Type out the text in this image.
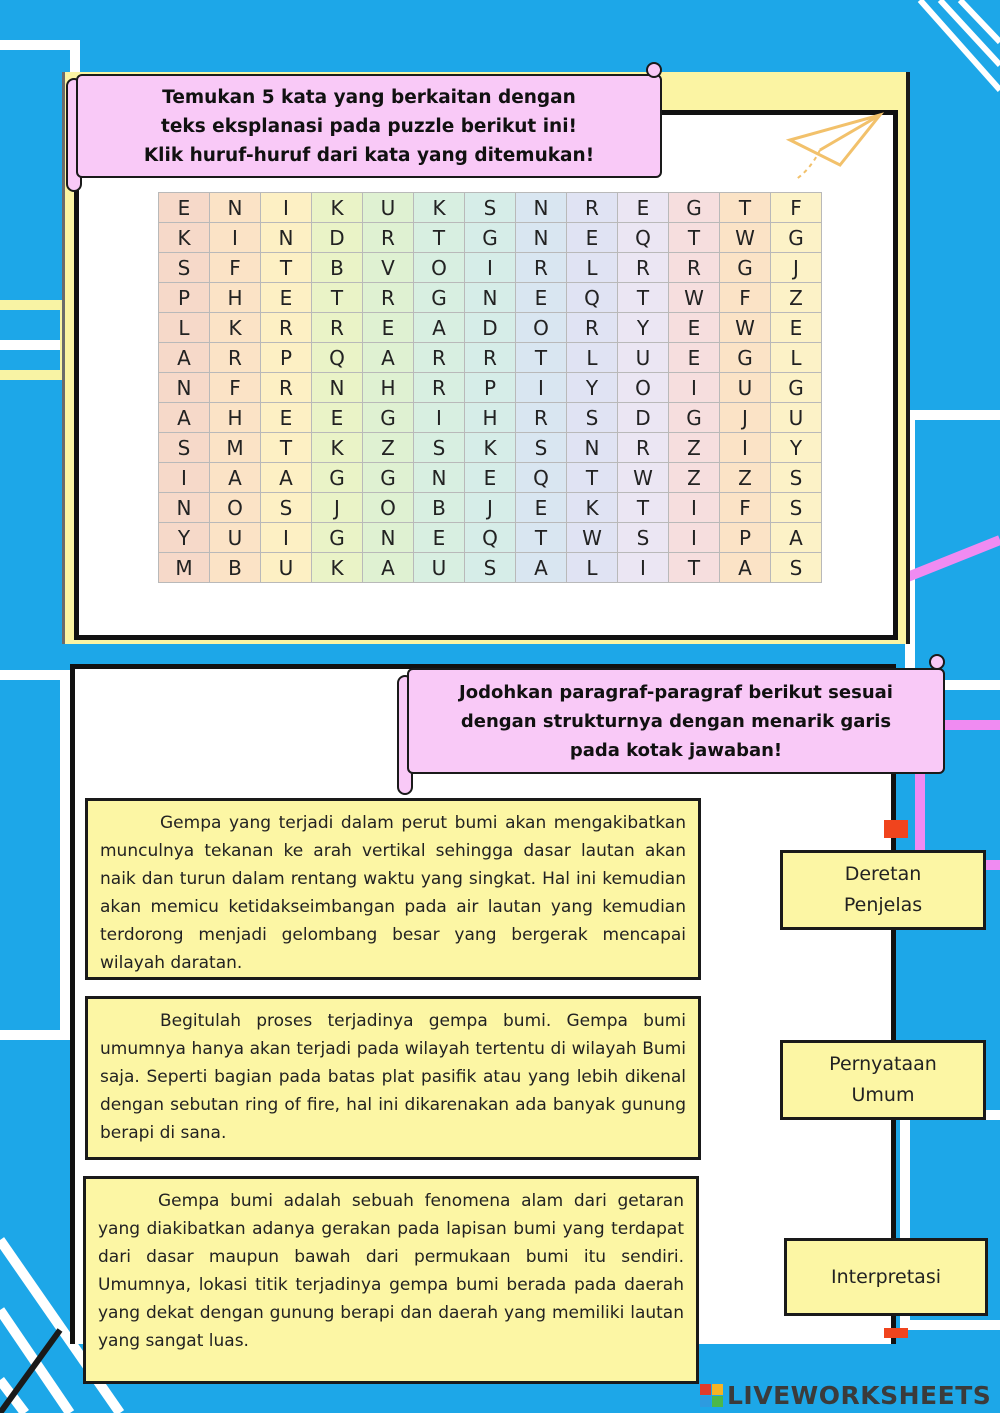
Temukan 5 kata yang berkaitan dengan
teks eksplanasi pada puzzle berikut ini!
Klik huruf-huruf dari kata yang ditemukan!
E	N	I	K	U	K	S	N	R	E	G	T	F
K	I	N	D	R	T	G	N	E	Q	T	W	G
S	F	T	B	V	O	I	R	L	R	R	G	J
P	H	E	T	R	G	N	E	Q	T	W	F	Z
L	K	R	R	E	A	D	O	R	Y	E	W	E
A	R	P	Q	A	R	R	T	L	U	E	G	L
N	F	R	N	H	R	P	I	Y	O	I	U	G
A	H	E	E	G	I	H	R	S	D	G	J	U
S	M	T	K	Z	S	K	S	N	R	Z	I	Y
I	A	A	G	G	N	E	Q	T	W	Z	Z	S
N	O	S	J	O	B	J	E	K	T	I	F	S
Y	U	I	G	N	E	Q	T	W	S	I	P	A
M	B	U	K	A	U	S	A	L	I	T	A	S
Jodohkan paragraf-paragraf berikut sesuai
dengan strukturnya dengan menarik garis
pada kotak jawaban!
Gempa yang terjadi dalam perut bumi akan mengakibatkan munculnya tekanan ke arah vertikal sehingga dasar lautan akan naik dan turun dalam rentang waktu yang singkat. Hal ini kemudian akan memicu ketidakseimbangan pada air lautan yang kemudian terdorong menjadi gelombang besar yang bergerak mencapai wilayah daratan.
Begitulah proses terjadinya gempa bumi. Gempa bumi umumnya hanya akan terjadi pada wilayah tertentu di wilayah Bumi saja. Seperti bagian pada batas plat pasifik atau yang lebih dikenal dengan sebutan ring of fire, hal ini dikarenakan ada banyak gunung berapi di sana.
Gempa bumi adalah sebuah fenomena alam dari getaran yang diakibatkan adanya gerakan pada lapisan bumi yang terdapat dari dasar maupun bawah dari permukaan bumi itu sendiri. Umumnya, lokasi titik terjadinya gempa bumi berada pada daerah yang dekat dengan gunung berapi dan daerah yang memiliki lautan yang sangat luas.
Deretan
Penjelas
Pernyataan
Umum
Interpretasi
LIVEWORKSHEETS
